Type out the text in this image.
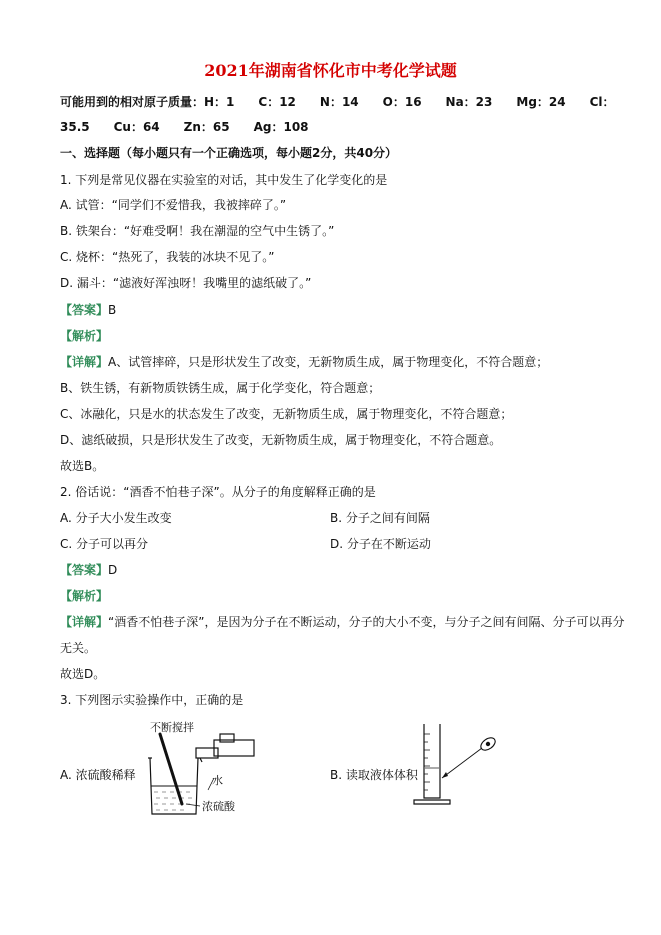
2021年湖南省怀化市中考化学试题
可能用到的相对原子质量：H：1　　C：12　　N：14　　O：16　　Na：23　　Mg：24　　Cl：
35.5　　Cu：64　　Zn：65　　Ag：108
一、选择题（每小题只有一个正确选项，每小题2分，共40分）
1. 下列是常见仪器在实验室的对话，其中发生了化学变化的是
A. 试管：“同学们不爱惜我，我被摔碎了。”
B. 铁架台：“好难受啊！我在潮湿的空气中生锈了。”
C. 烧杯：“热死了，我装的冰块不见了。”
D. 漏斗：“滤液好浑浊呀！我嘴里的滤纸破了。”
【答案】B
【解析】
【详解】A、试管摔碎，只是形状发生了改变，无新物质生成，属于物理变化，不符合题意；
B、铁生锈，有新物质铁锈生成，属于化学变化，符合题意；
C、冰融化，只是水的状态发生了改变，无新物质生成，属于物理变化，不符合题意；
D、滤纸破损，只是形状发生了改变，无新物质生成，属于物理变化，不符合题意。
故选B。
2. 俗话说：“酒香不怕巷子深”。从分子的角度解释正确的是
A. 分子大小发生改变	B. 分子之间有间隔
C. 分子可以再分	D. 分子在不断运动
【答案】D
【解析】
【详解】“酒香不怕巷子深”，是因为分子在不断运动，分子的大小不变，与分子之间有间隔、分子可以再分
无关。
故选D。
3. 下列图示实验操作中，正确的是
A. 浓硫酸稀释	B. 读取液体体积
不断搅拌
水
浓硫酸
